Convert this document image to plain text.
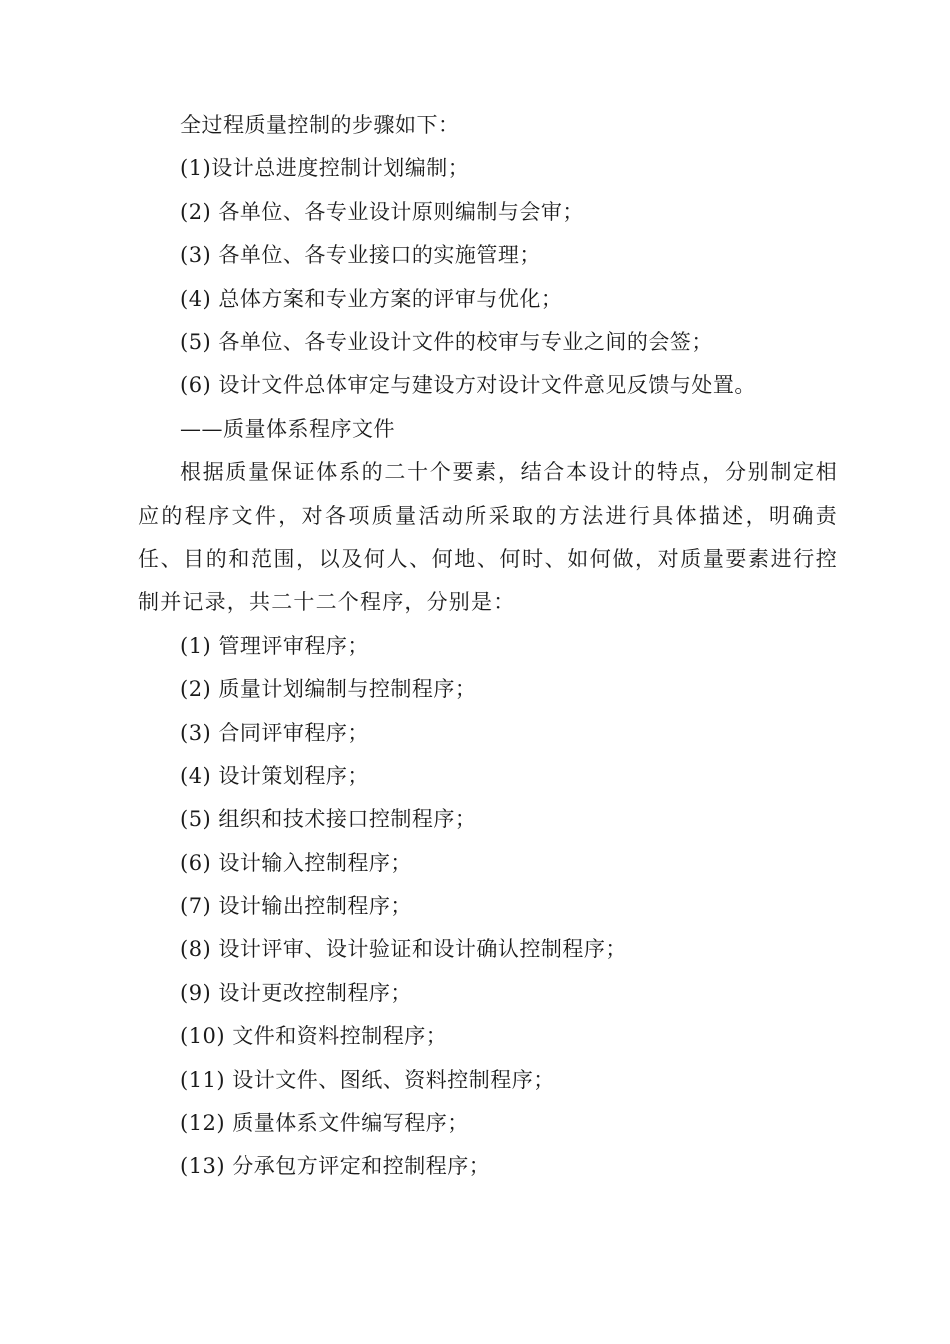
全过程质量控制的步骤如下：
(1)设计总进度控制计划编制；
(2) 各单位、各专业设计原则编制与会审；
(3) 各单位、各专业接口的实施管理；
(4) 总体方案和专业方案的评审与优化；
(5) 各单位、各专业设计文件的校审与专业之间的会签；
(6) 设计文件总体审定与建设方对设计文件意见反馈与处置。
——质量体系程序文件
根据质量保证体系的二十个要素，结合本设计的特点，分别制定相应的程序文件，对各项质量活动所采取的方法进行具体描述，明确责任、目的和范围，以及何人、何地、何时、如何做，对质量要素进行控制并记录，共二十二个程序，分别是：
(1) 管理评审程序；
(2) 质量计划编制与控制程序；
(3) 合同评审程序；
(4) 设计策划程序；
(5) 组织和技术接口控制程序；
(6) 设计输入控制程序；
(7) 设计输出控制程序；
(8) 设计评审、设计验证和设计确认控制程序；
(9) 设计更改控制程序；
(10) 文件和资料控制程序；
(11) 设计文件、图纸、资料控制程序；
(12) 质量体系文件编写程序；
(13) 分承包方评定和控制程序；
